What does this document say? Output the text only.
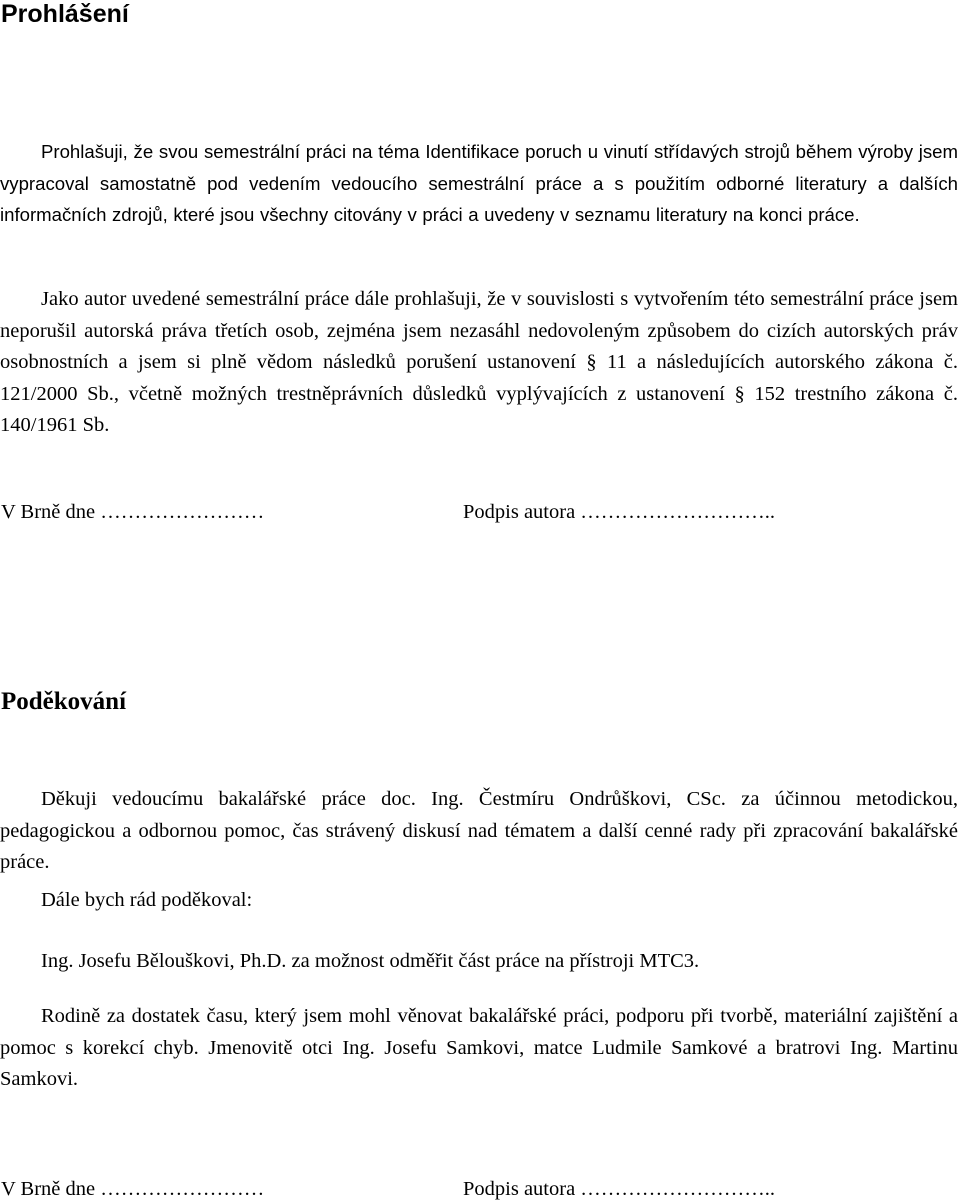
Prohlášení

Prohlašuji, že svou semestrální práci na téma Identifikace poruch u vinutí střídavých strojů během výroby jsem vypracoval samostatně pod vedením vedoucího semestrální práce a s použitím odborné literatury a dalších informačních zdrojů, které jsou všechny citovány v práci a uvedeny v seznamu literatury na konci práce.

Jako autor uvedené semestrální práce dále prohlašuji, že v souvislosti s vytvořením této semestrální práce jsem neporušil autorská práva třetích osob, zejména jsem nezasáhl nedovoleným způsobem do cizích autorských práv osobnostních a jsem si plně vědom následků porušení ustanovení § 11 a následujících autorského zákona č. 121/2000 Sb., včetně možných trestněprávních důsledků vyplývajících z ustanovení § 152 trestního zákona č. 140/1961 Sb.

V Brně dne ……………………	Podpis autora ………………………..
Poděkování

Děkuji vedoucímu bakalářské práce doc. Ing. Čestmíru Ondrůškovi, CSc. za účinnou metodickou, pedagogickou a odbornou pomoc, čas strávený diskusí nad tématem a další cenné rady při zpracování bakalářské práce.

Dále bych rád poděkoval:

Ing. Josefu Bělouškovi, Ph.D. za možnost odměřit část práce na přístroji MTC3.

Rodině za dostatek času, který jsem mohl věnovat bakalářské práci, podporu při tvorbě, materiální zajištění a pomoc s korekcí chyb. Jmenovitě otci Ing. Josefu Samkovi, matce Ludmile Samkové a bratrovi Ing. Martinu Samkovi.

V Brně dne ……………………	Podpis autora ………………………..
